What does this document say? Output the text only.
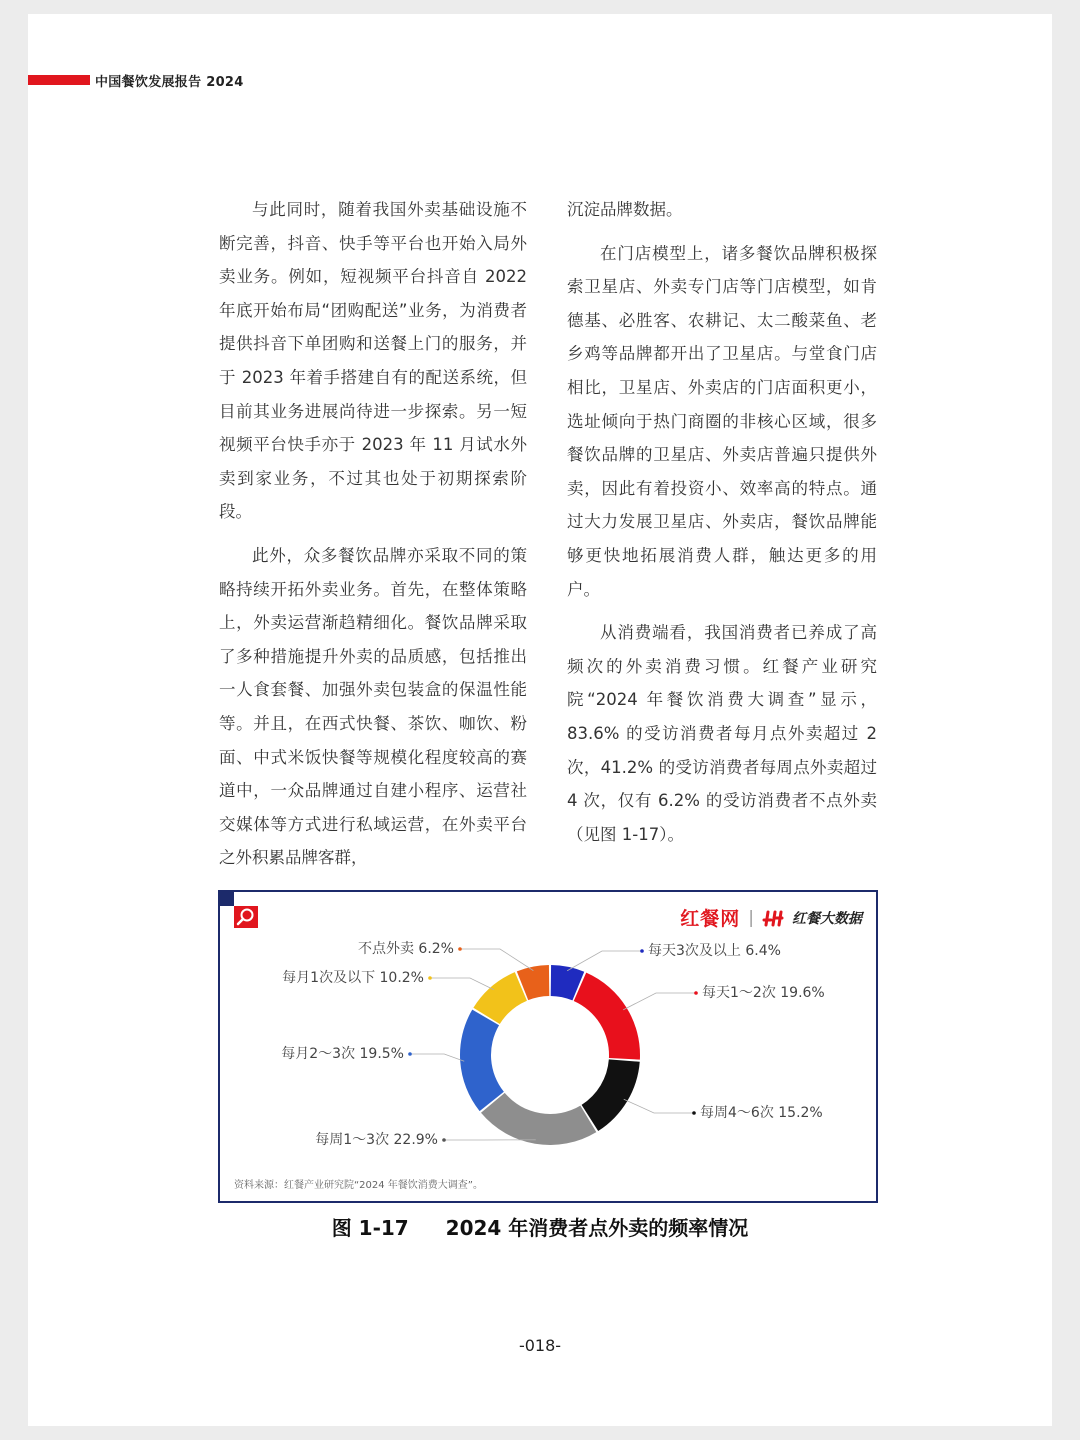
中国餐饮发展报告 2024

与此同时，随着我国外卖基础设施不断完善，抖音、快手等平台也开始入局外卖业务。例如，短视频平台抖音自 2022 年底开始布局“团购配送”业务，为消费者提供抖音下单团购和送餐上门的服务，并于 2023 年着手搭建自有的配送系统，但目前其业务进展尚待进一步探索。另一短视频平台快手亦于 2023 年 11 月试水外卖到家业务，不过其也处于初期探索阶段。

此外，众多餐饮品牌亦采取不同的策略持续开拓外卖业务。首先，在整体策略上，外卖运营渐趋精细化。餐饮品牌采取了多种措施提升外卖的品质感，包括推出一人食套餐、加强外卖包装盒的保温性能等。并且，在西式快餐、茶饮、咖饮、粉面、中式米饭快餐等规模化程度较高的赛道中，一众品牌通过自建小程序、运营社交媒体等方式进行私域运营，在外卖平台之外积累品牌客群，

沉淀品牌数据。

在门店模型上，诸多餐饮品牌积极探索卫星店、外卖专门店等门店模型，如肯德基、必胜客、农耕记、太二酸菜鱼、老乡鸡等品牌都开出了卫星店。与堂食门店相比，卫星店、外卖店的门店面积更小，选址倾向于热门商圈的非核心区域，很多餐饮品牌的卫星店、外卖店普遍只提供外卖，因此有着投资小、效率高的特点。通过大力发展卫星店、外卖店，餐饮品牌能够更快地拓展消费人群，触达更多的用户。

从消费端看，我国消费者已养成了高频次的外卖消费习惯。红餐产业研究院“2024 年餐饮消费大调查”显示，83.6% 的受访消费者每月点外卖超过 2 次，41.2% 的受访消费者每周点外卖超过 4 次，仅有 6.2% 的受访消费者不点外卖（见图 1-17）。

红餐网 |	红餐大数据
每天3次及以上 6.4%
每天1～2次 19.6%
每周4～6次 15.2%
每周1～3次 22.9%
每月2～3次 19.5%
每月1次及以下 10.2%
不点外卖 6.2%
资料来源：红餐产业研究院“2024 年餐饮消费大调查”。
图 1-17 2024 年消费者点外卖的频率情况
-018-
